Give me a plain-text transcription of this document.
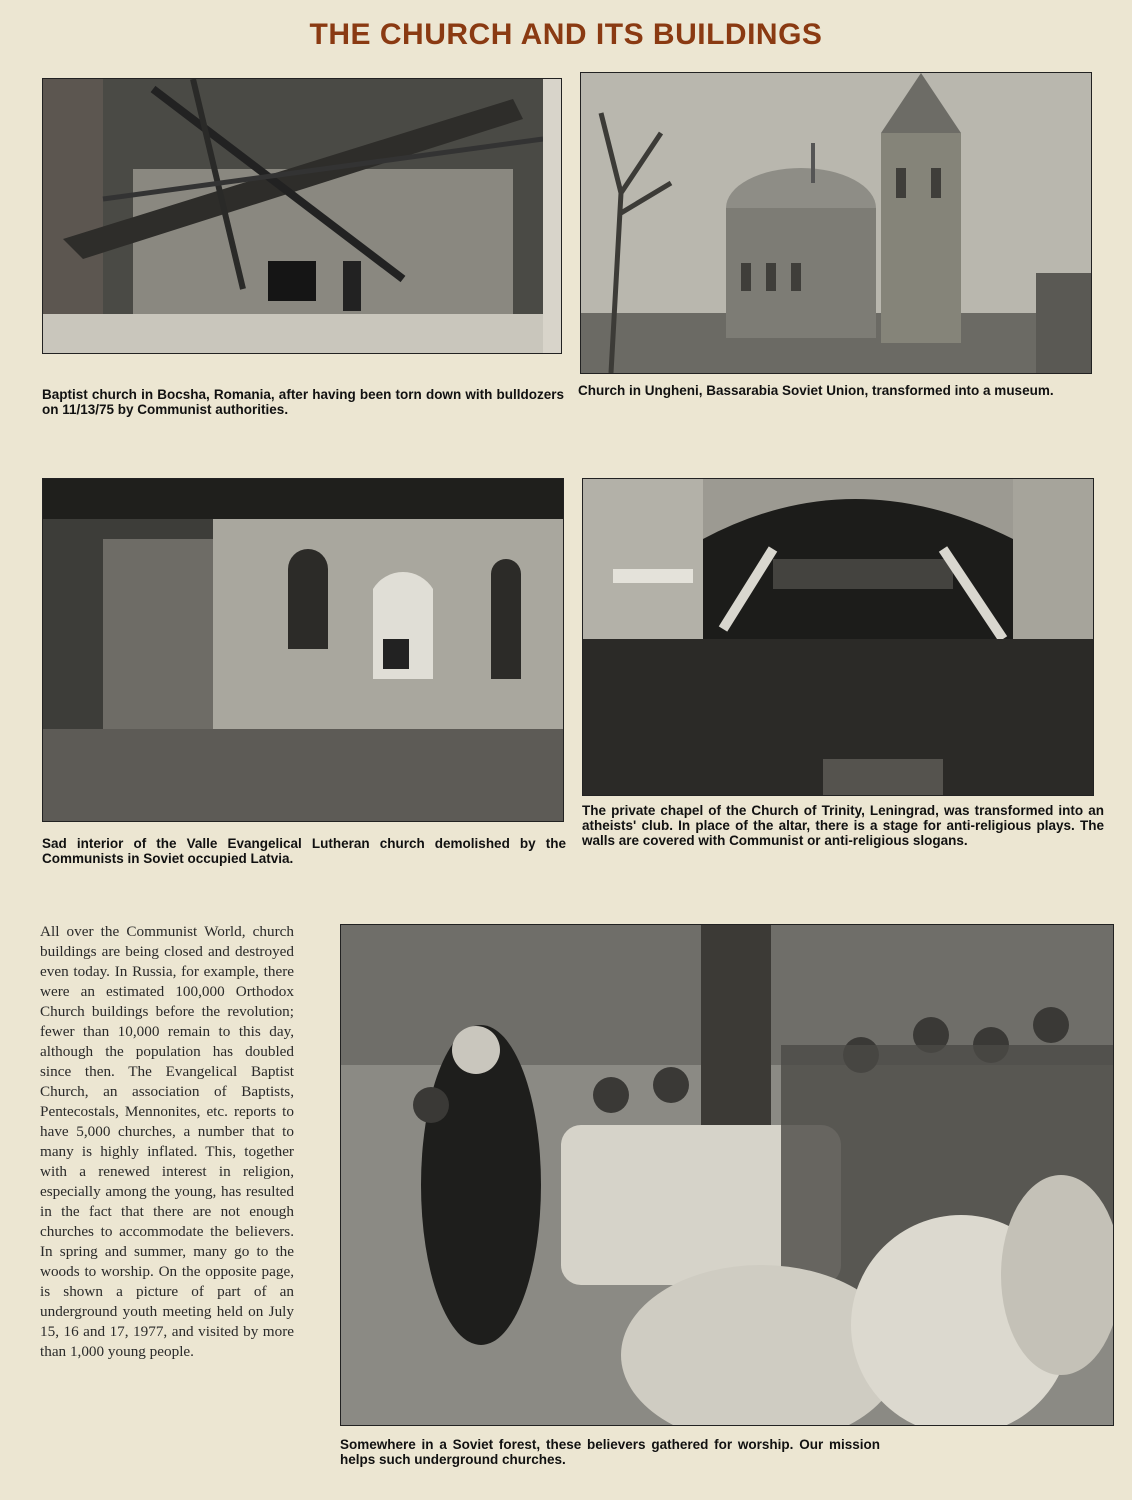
THE CHURCH AND ITS BUILDINGS
Baptist church in Bocsha, Romania, after having been torn down with bulldozers on 11/13/75 by Communist authorities.
Church in Ungheni, Bassarabia Soviet Union, transformed into a museum.
Sad interior of the Valle Evangelical Lutheran church demolished by the Communists in Soviet occupied Latvia.
The private chapel of the Church of Trinity, Leningrad, was transformed into an atheists' club. In place of the altar, there is a stage for anti-religious plays. The walls are covered with Communist or anti-religious slogans.
All over the Communist World, church buildings are being closed and destroyed even today. In Russia, for example, there were an estimated 100,000 Orthodox Church buildings before the revolution; fewer than 10,000 remain to this day, although the population has doubled since then. The Evangelical Baptist Church, an association of Baptists, Pentecostals, Mennonites, etc. reports to have 5,000 churches, a number that to many is highly inflated. This, together with a renewed interest in religion, especially among the young, has resulted in the fact that there are not enough churches to accommodate the believers. In spring and summer, many go to the woods to worship. On the opposite page, is shown a picture of part of an underground youth meeting held on July 15, 16 and 17, 1977, and visited by more than 1,000 young people.
Somewhere in a Soviet forest, these believers gathered for worship. Our mission helps such underground churches.
